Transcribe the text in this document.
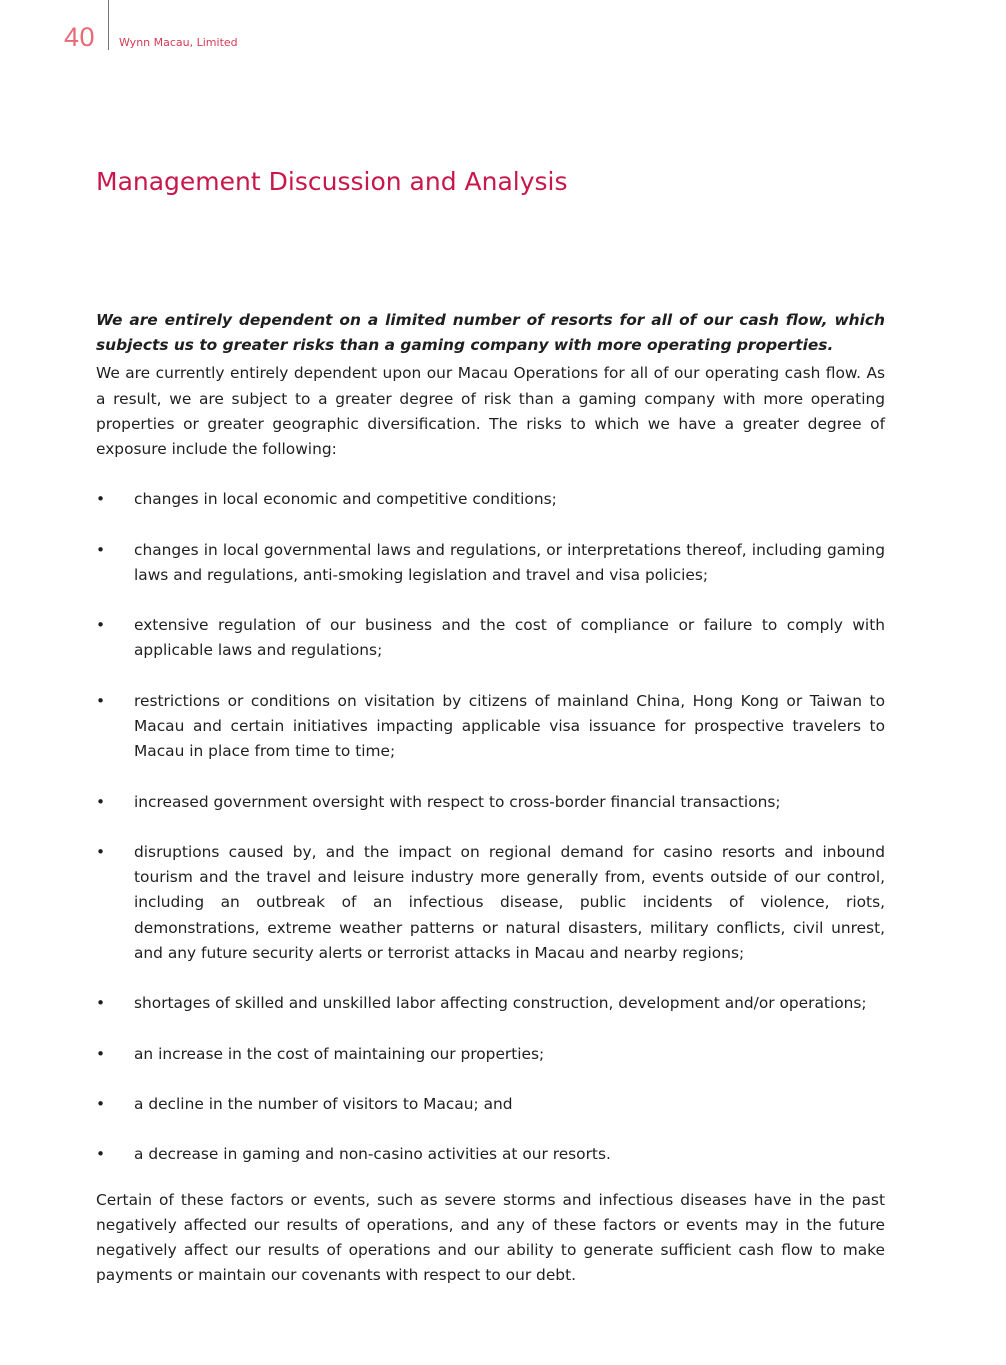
40 Wynn Macau, Limited
Management Discussion and Analysis

We are entirely dependent on a limited number of resorts for all of our cash flow, which subjects us to greater risks than a gaming company with more operating properties.

We are currently entirely dependent upon our Macau Operations for all of our operating cash flow. As a result, we are subject to a greater degree of risk than a gaming company with more operating properties or greater geographic diversification. The risks to which we have a greater degree of exposure include the following:

• changes in local economic and competitive conditions;
• changes in local governmental laws and regulations, or interpretations thereof, including gaming laws and regulations, anti-smoking legislation and travel and visa policies;
• extensive regulation of our business and the cost of compliance or failure to comply with applicable laws and regulations;
• restrictions or conditions on visitation by citizens of mainland China, Hong Kong or Taiwan to Macau and certain initiatives impacting applicable visa issuance for prospective travelers to Macau in place from time to time;
• increased government oversight with respect to cross-border financial transactions;
• disruptions caused by, and the impact on regional demand for casino resorts and inbound tourism and the travel and leisure industry more generally from, events outside of our control, including an outbreak of an infectious disease, public incidents of violence, riots, demonstrations, extreme weather patterns or natural disasters, military conflicts, civil unrest, and any future security alerts or terrorist attacks in Macau and nearby regions;
• shortages of skilled and unskilled labor affecting construction, development and/or operations;
• an increase in the cost of maintaining our properties;
• a decline in the number of visitors to Macau; and
• a decrease in gaming and non-casino activities at our resorts.

Certain of these factors or events, such as severe storms and infectious diseases have in the past negatively affected our results of operations, and any of these factors or events may in the future negatively affect our results of operations and our ability to generate sufficient cash flow to make payments or maintain our covenants with respect to our debt.
